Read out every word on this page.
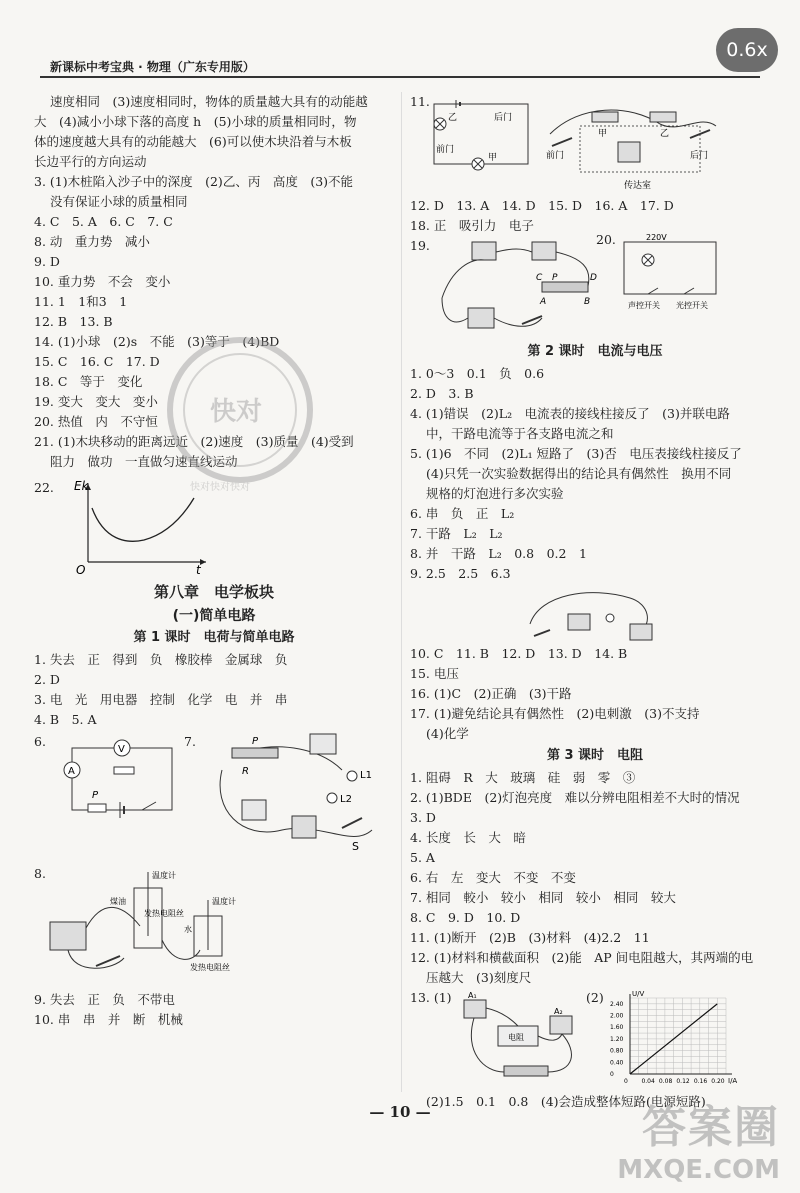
新课标中考宝典 · 物理（广东专用版）
0.6x
速度相同　(3)速度相同时，物体的质量越大具有的动能越
大　(4)减小小球下落的高度 h　(5)小球的质量相同时，物
体的速度越大具有的动能越大　(6)可以使木块沿着与木板
长边平行的方向运动
3. (1)木桩陷入沙子中的深度　(2)乙、丙　高度　(3)不能
没有保证小球的质量相同
4. C　5. A　6. C　7. C
8. 动　重力势　减小
9. D
10. 重力势　不会　变小
11. 1　1和3　1
12. B　13. B
14. (1)小球　(2)s　不能　(3)等于　(4)BD
15. C　16. C　17. D
18. C　等于　变化
19. 变大　变大　变小
20. 热值　内　不守恒
21. (1)木块移动的距离远近　(2)速度　(3)质量　(4)受到
阻力　做功　一直做匀速直线运动
22. Ek
t
O
第八章　电学板块
(一)简单电路
第 1 课时　电荷与简单电路
1. 失去　正　得到　负　橡胶棒　金属球　负
2. D
3. 电　光　用电器　控制　化学　电　并　串
4. B　5. A
6.
V
A
P
7.	P
R	L1
L2
S
8.	温度计
温度计
煤油
水
发热电阻丝
发热电阻丝
9. 失去　正　负　不带电
10. 串　串　并　断　机械
11.
乙	后门
前门
甲	前门
甲	乙
后门
传达室
12. D　13. A　14. D　15. D　16. A　17. D
18. 正　吸引力　电子
19.
C P
A	B
D
20.	220V
声控开关 光控开关
第 2 课时　电流与电压
1. 0～3　0.1　负　0.6
2. D　3. B
4. (1)错误　(2)L₂　电流表的接线柱接反了　(3)并联电路
中，干路电流等于各支路电流之和
5. (1)6　不同　(2)L₁ 短路了　(3)否　电压表接线柱接反了
(4)只凭一次实验数据得出的结论具有偶然性　换用不同
规格的灯泡进行多次实验
6. 串　负　正　L₂
7. 干路　L₂　L₂
8. 并　干路　L₂　0.8　0.2　1
9. 2.5　2.5　6.3
10. C　11. B　12. D　13. D　14. B
15. 电压
16. (1)C　(2)正确　(3)干路
17. (1)避免结论具有偶然性　(2)电刺激　(3)不支持
(4)化学
第 3 课时　电阻
1. 阻碍　R　大　玻璃　硅　弱　零　③
2. (1)BDE　(2)灯泡亮度　难以分辨电阻相差不大时的情况
3. D
4. 长度　长　大　暗
5. A
6. 右　左　变大　不变　不变
7. 相同　較小　较小　相同　较小　相同　较大
8. C　9. D　10. D
11. (1)断开　(2)B　(3)材料　(4)2.2　11
12. (1)材料和横截面积　(2)能　AP 间电阻越大，其两端的电
压越大　(3)刻度尺
13. (1) A₁
A₂
电阻
(2)
0 0.04 0.08 0.12 0.16 0.20
0
0.40
0.80
1.20
1.60
2.00
2.40
I/A
U/V
(2)1.5　0.1　0.8　(4)会造成整体短路(电源短路)
快对
快对快对快对
— 10 —	答案圈
MXQE.COM
